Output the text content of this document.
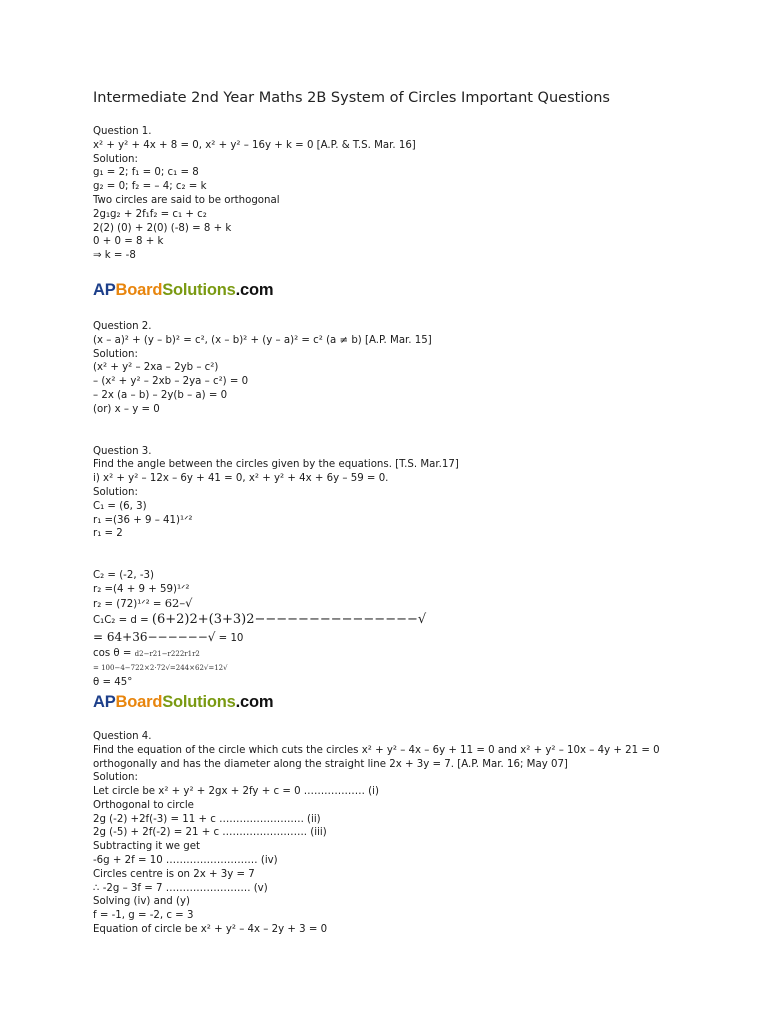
Intermediate 2nd Year Maths 2B System of Circles Important Questions
Question 1.
x² + y² + 4x + 8 = 0, x² + y² – 16y + k = 0 [A.P. & T.S. Mar. 16]
Solution:
g₁ = 2; f₁ = 0; c₁ = 8
g₂ = 0; f₂ = – 4; c₂ = k
Two circles are said to be orthogonal
2g₁g₂ + 2f₁f₂ = c₁ + c₂
2(2) (0) + 2(0) (-8) = 8 + k
0 + 0 = 8 + k
⇒ k = -8
APBoardSolutions.com
Question 2.
(x – a)² + (y – b)² = c², (x – b)² + (y – a)² = c² (a ≠ b) [A.P. Mar. 15]
Solution:
(x² + y² – 2xa – 2yb – c²)
– (x² + y² – 2xb – 2ya – c²) = 0
– 2x (a – b) – 2y(b – a) = 0
(or) x – y = 0
Question 3.
Find the angle between the circles given by the equations. [T.S. Mar.17]
i) x² + y² – 12x – 6y + 41 = 0, x² + y² + 4x + 6y – 59 = 0.
Solution:
C₁ = (6, 3)
r₁ =(36 + 9 – 41)¹ᐟ²
r₁ = 2
C₂ = (-2, -3)
r₂ =(4 + 9 + 59)¹ᐟ²
r₂ = (72)¹ᐟ² = 62–√
C₁C₂ = d = (6+2)2+(3+3)2−−−−−−−−−−−−−−−√
= 64+36−−−−−−√ = 10
cos θ = d2−r21−r222r1r2
= 100−4−722×2·72√=244×62√=12√
θ = 45°
APBoardSolutions.com
Question 4.
Find the equation of the circle which cuts the circles x² + y² – 4x – 6y + 11 = 0 and x² + y² – 10x – 4y + 21 = 0
orthogonally and has the diameter along the straight line 2x + 3y = 7. [A.P. Mar. 16; May 07]
Solution:
Let circle be x² + y² + 2gx + 2fy + c = 0 ……………… (i)
Orthogonal to circle
2g (-2) +2f(-3) = 11 + c ……………………. (ii)
2g (-5) + 2f(-2) = 21 + c ……………………. (iii)
Subtracting it we get
-6g + 2f = 10 ……………………… (iv)
Circles centre is on 2x + 3y = 7
∴ -2g – 3f = 7 ……………………. (v)
Solving (iv) and (y)
f = -1, g = -2, c = 3
Equation of circle be x² + y² – 4x – 2y + 3 = 0
